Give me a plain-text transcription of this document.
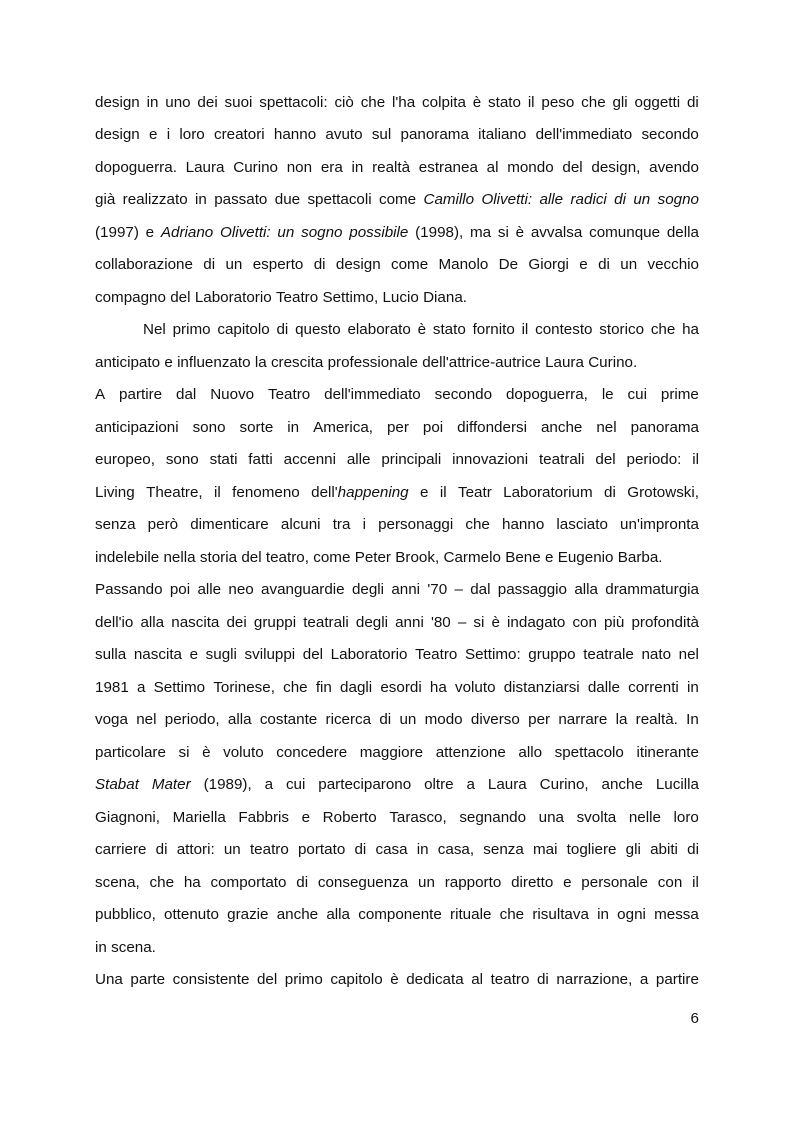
design in uno dei suoi spettacoli: ciò che l'ha colpita è stato il peso che gli oggetti di
design e i loro creatori hanno avuto sul panorama italiano dell'immediato secondo
dopoguerra. Laura Curino non era in realtà estranea al mondo del design, avendo
già realizzato in passato due spettacoli come Camillo Olivetti: alle radici di un sogno
(1997) e Adriano Olivetti: un sogno possibile (1998), ma si è avvalsa comunque della
collaborazione di un esperto di design come Manolo De Giorgi e di un vecchio
compagno del Laboratorio Teatro Settimo, Lucio Diana.
Nel primo capitolo di questo elaborato è stato fornito il contesto storico che ha
anticipato e influenzato la crescita professionale dell'attrice-autrice Laura Curino.
A partire dal Nuovo Teatro dell'immediato secondo dopoguerra, le cui prime
anticipazioni sono sorte in America, per poi diffondersi anche nel panorama
europeo, sono stati fatti accenni alle principali innovazioni teatrali del periodo: il
Living Theatre, il fenomeno dell'happening e il Teatr Laboratorium di Grotowski,
senza però dimenticare alcuni tra i personaggi che hanno lasciato un'impronta
indelebile nella storia del teatro, come Peter Brook, Carmelo Bene e Eugenio Barba.
Passando poi alle neo avanguardie degli anni '70 – dal passaggio alla drammaturgia
dell'io alla nascita dei gruppi teatrali degli anni '80 – si è indagato con più profondità
sulla nascita e sugli sviluppi del Laboratorio Teatro Settimo: gruppo teatrale nato nel
1981 a Settimo Torinese, che fin dagli esordi ha voluto distanziarsi dalle correnti in
voga nel periodo, alla costante ricerca di un modo diverso per narrare la realtà. In
particolare si è voluto concedere maggiore attenzione allo spettacolo itinerante
Stabat Mater (1989), a cui parteciparono oltre a Laura Curino, anche Lucilla
Giagnoni, Mariella Fabbris e Roberto Tarasco, segnando una svolta nelle loro
carriere di attori: un teatro portato di casa in casa, senza mai togliere gli abiti di
scena, che ha comportato di conseguenza un rapporto diretto e personale con il
pubblico, ottenuto grazie anche alla componente rituale che risultava in ogni messa
in scena.
Una parte consistente del primo capitolo è dedicata al teatro di narrazione, a partire
6
